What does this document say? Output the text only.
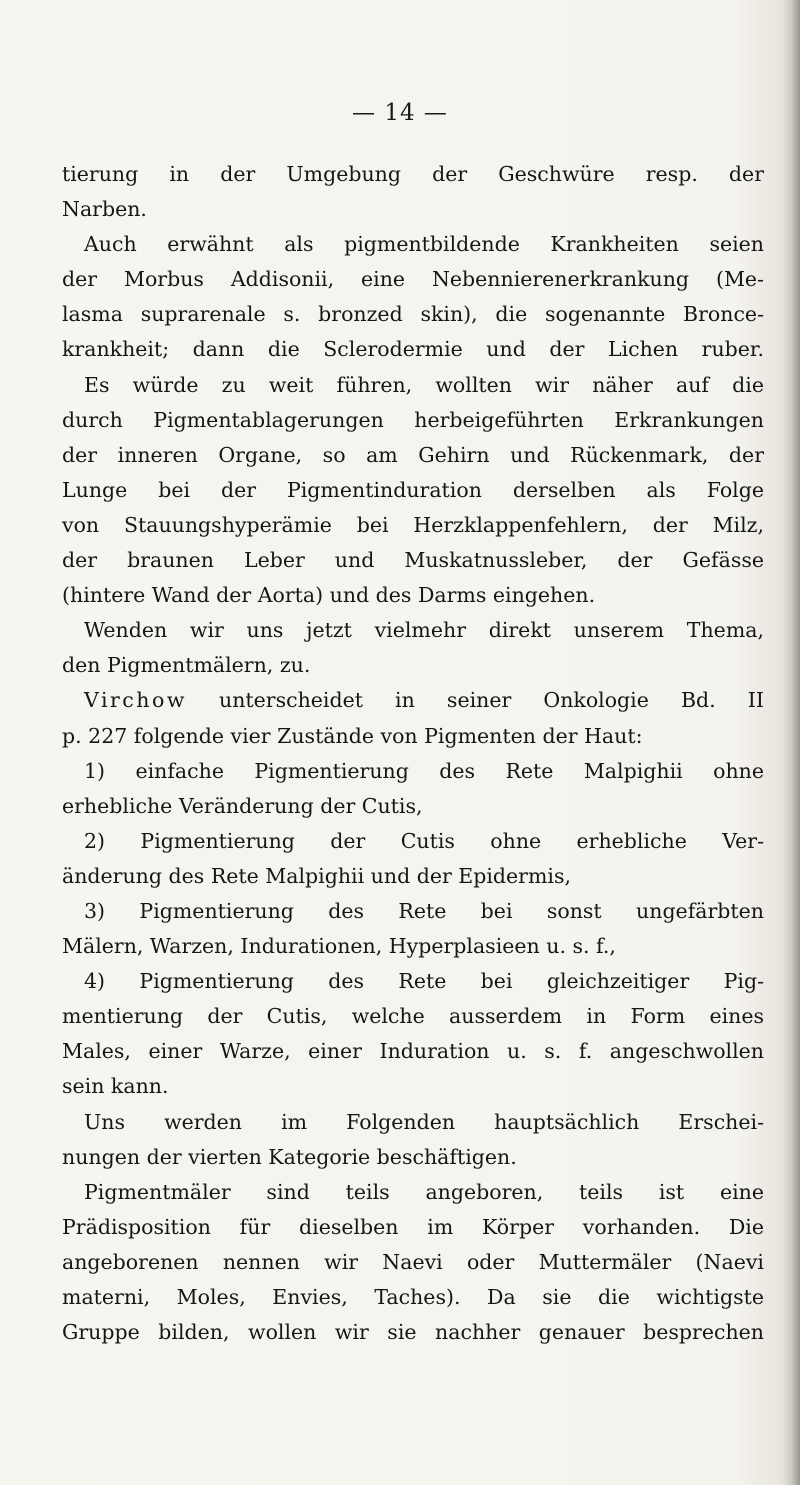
— 14 —

tierung in der Umgebung der Geschwüre resp. der

Narben.

Auch erwähnt als pigmentbildende Krankheiten seien

der Morbus Addisonii, eine Nebennierenerkrankung (Me-

lasma suprarenale s. bronzed skin), die sogenannte Bronce-

krankheit; dann die Sclerodermie und der Lichen ruber.

Es würde zu weit führen, wollten wir näher auf die

durch Pigmentablagerungen herbeigeführten Erkrankungen

der inneren Organe, so am Gehirn und Rückenmark, der

Lunge bei der Pigmentinduration derselben als Folge

von Stauungshyperämie bei Herzklappenfehlern, der Milz,

der braunen Leber und Muskatnussleber, der Gefässe

(hintere Wand der Aorta) und des Darms eingehen.

Wenden wir uns jetzt vielmehr direkt unserem Thema,

den Pigmentmälern, zu.

Virchow unterscheidet in seiner Onkologie Bd. II

p. 227 folgende vier Zustände von Pigmenten der Haut:

1) einfache Pigmentierung des Rete Malpighii ohne

erhebliche Veränderung der Cutis,

2) Pigmentierung der Cutis ohne erhebliche Ver-

änderung des Rete Malpighii und der Epidermis,

3) Pigmentierung des Rete bei sonst ungefärbten

Mälern, Warzen, Indurationen, Hyperplasieen u. s. f.,

4) Pigmentierung des Rete bei gleichzeitiger Pig-

mentierung der Cutis, welche ausserdem in Form eines

Males, einer Warze, einer Induration u. s. f. angeschwollen

sein kann.

Uns werden im Folgenden hauptsächlich Erschei-

nungen der vierten Kategorie beschäftigen.

Pigmentmäler sind teils angeboren, teils ist eine

Prädisposition für dieselben im Körper vorhanden. Die

angeborenen nennen wir Naevi oder Muttermäler (Naevi

materni, Moles, Envies, Taches). Da sie die wichtigste

Gruppe bilden, wollen wir sie nachher genauer besprechen
